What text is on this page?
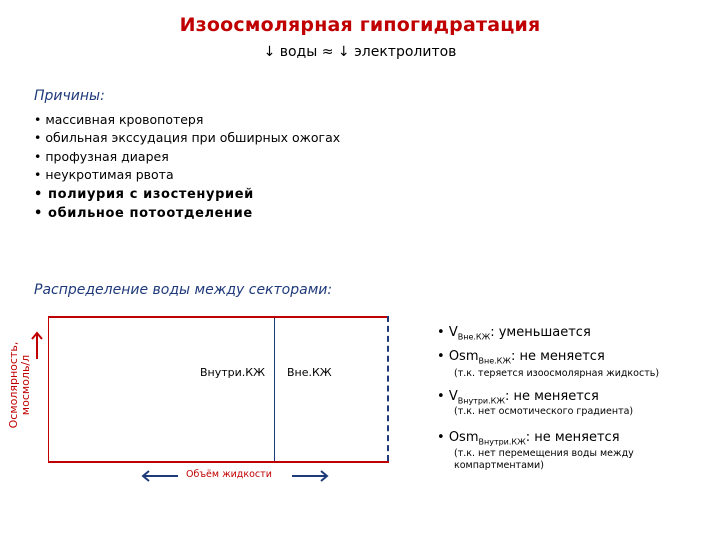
Изоосмолярная гипогидратация
↓ воды ≈ ↓ электролитов
Причины:
• массивная кровопотеря
• обильная экссудация при обширных ожогах
• профузная диарея
• неукротимая рвота
• полиурия с изостенурией
• обильное потоотделение
Распределение воды между секторами:
Осмолярность, мосмоль/л	Внутри.КЖ Вне.КЖ
Объём жидкости
• $V_{Вне.КЖ}$: уменьшается
• Osm$_{Вне.КЖ}$: не меняется
(т.к. теряется изоосмолярная жидкость)
• $V_{Внутри.КЖ}$: не меняется
(т.к. нет осмотического градиента)
• Osm$_{Внутри.КЖ}$: не меняется
(т.к. нет перемещения воды между компартментами)
